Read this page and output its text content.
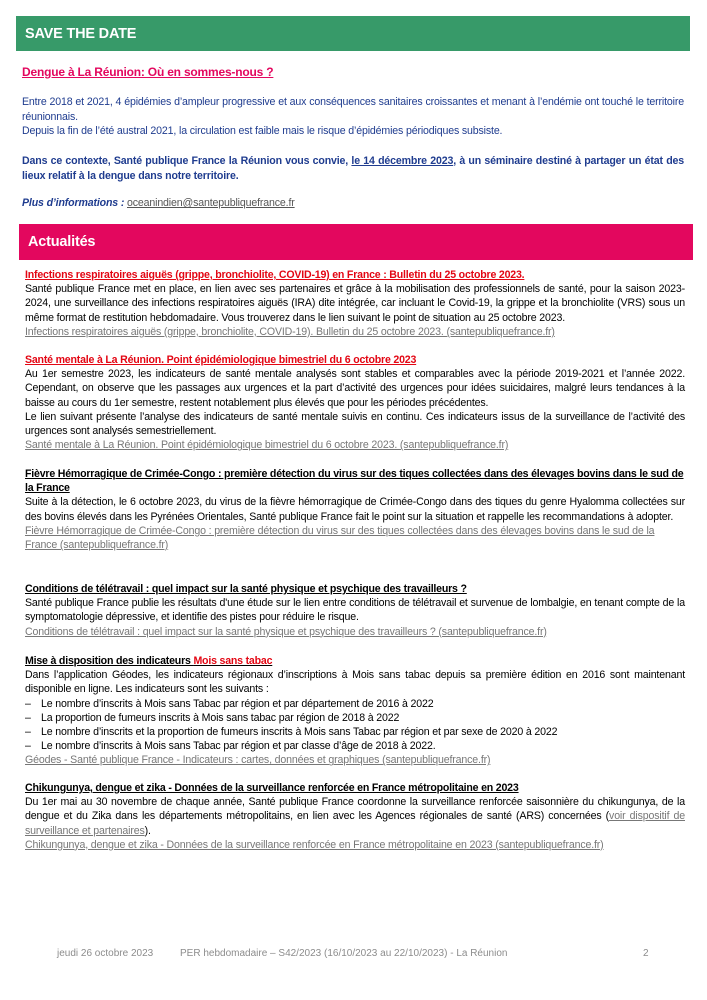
SAVE THE DATE
Dengue à La Réunion: Où en sommes-nous ?

Entre 2018 et 2021, 4 épidémies d’ampleur progressive et aux conséquences sanitaires croissantes et menant à l’endémie ont touché le territoire réunionnais.

Depuis la fin de l’été austral 2021, la circulation est faible mais le risque d’épidémies périodiques subsiste.

Dans ce contexte, Santé publique France la Réunion vous convie, le 14 décembre 2023, à un séminaire destiné à partager un état des lieux relatif à la dengue dans notre territoire.

Plus d’informations : oceanindien@santepubliquefrance.fr

Actualités
Infections respiratoires aiguës (grippe, bronchiolite, COVID-19) en France : Bulletin du 25 octobre 2023.

Santé publique France met en place, en lien avec ses partenaires et grâce à la mobilisation des professionnels de santé, pour la saison 2023-2024, une surveillance des infections respiratoires aiguës (IRA) dite intégrée, car incluant le Covid-19, la grippe et la bronchiolite (VRS) sous un même format de restitution hebdomadaire. Vous trouverez dans le lien suivant le point de situation au 25 octobre 2023.

Infections respiratoires aiguës (grippe, bronchiolite, COVID-19). Bulletin du 25 octobre 2023. (santepubliquefrance.fr)
Santé mentale à La Réunion. Point épidémiologique bimestriel du 6 octobre 2023

Au 1er semestre 2023, les indicateurs de santé mentale analysés sont stables et comparables avec la période 2019-2021 et l’année 2022. Cependant, on observe que les passages aux urgences et la part d’activité des urgences pour idées suicidaires, malgré leurs tendances à la baisse au cours du 1er semestre, restent notablement plus élevés que pour les périodes précédentes.

Le lien suivant présente l’analyse des indicateurs de santé mentale suivis en continu. Ces indicateurs issus de la surveillance de l’activité des urgences sont analysés semestriellement.

Santé mentale à La Réunion. Point épidémiologique bimestriel du 6 octobre 2023. (santepubliquefrance.fr)
Fièvre Hémorragique de Crimée-Congo : première détection du virus sur des tiques collectées dans des élevages bovins dans le sud de la France

Suite à la détection, le 6 octobre 2023, du virus de la fièvre hémorragique de Crimée-Congo dans des tiques du genre Hyalomma collectées sur des bovins élevés dans les Pyrénées Orientales, Santé publique France fait le point sur la situation et rappelle les recommandations à adopter.

Fièvre Hémorragique de Crimée-Congo : première détection du virus sur des tiques collectées dans des élevages bovins dans le sud de la France (santepubliquefrance.fr)
Conditions de télétravail : quel impact sur la santé physique et psychique des travailleurs ?

Santé publique France publie les résultats d'une étude sur le lien entre conditions de télétravail et survenue de lombalgie, en tenant compte de la symptomatologie dépressive, et identifie des pistes pour réduire le risque.

Conditions de télétravail : quel impact sur la santé physique et psychique des travailleurs ? (santepubliquefrance.fr)
Mise à disposition des indicateurs Mois sans tabac

Dans l’application Géodes, les indicateurs régionaux d’inscriptions à Mois sans tabac depuis sa première édition en 2016 sont maintenant disponible en ligne. Les indicateurs sont les suivants :

– Le nombre d’inscrits à Mois sans Tabac par région et par département de 2016 à 2022
– La proportion de fumeurs inscrits à Mois sans tabac par région de 2018 à 2022
– Le nombre d’inscrits et la proportion de fumeurs inscrits à Mois sans Tabac par région et par sexe de 2020 à 2022
– Le nombre d’inscrits à Mois sans Tabac par région et par classe d’âge de 2018 à 2022.
Géodes - Santé publique France - Indicateurs : cartes, données et graphiques (santepubliquefrance.fr)
Chikungunya, dengue et zika - Données de la surveillance renforcée en France métropolitaine en 2023

Du 1er mai au 30 novembre de chaque année, Santé publique France coordonne la surveillance renforcée saisonnière du chikungunya, de la dengue et du Zika dans les départements métropolitains, en lien avec les Agences régionales de santé (ARS) concernées (voir dispositif de surveillance et partenaires).

Chikungunya, dengue et zika - Données de la surveillance renforcée en France métropolitaine en 2023 (santepubliquefrance.fr)
jeudi 26 octobre 2023	PER hebdomadaire – S42/2023 (16/10/2023 au 22/10/2023) - La Réunion	2
